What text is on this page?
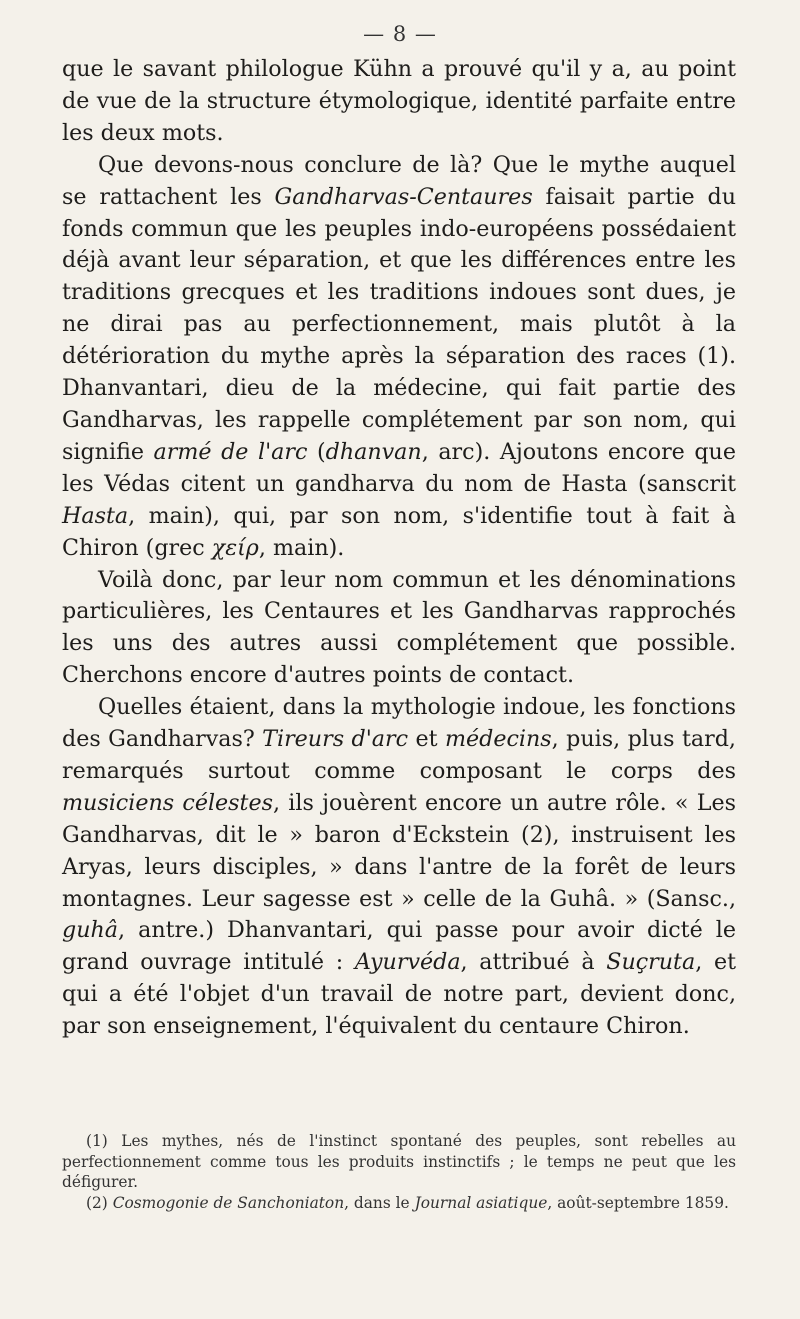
— 8 —

que le savant philologue Kühn a prouvé qu'il y a, au point de vue de la structure étymologique, identité parfaite entre les deux mots.

Que devons-nous conclure de là? Que le mythe auquel se rattachent les Gandharvas-Centaures faisait partie du fonds commun que les peuples indo-européens possédaient déjà avant leur séparation, et que les différences entre les traditions grecques et les traditions indoues sont dues, je ne dirai pas au perfectionnement, mais plutôt à la détérioration du mythe après la séparation des races (1). Dhanvantari, dieu de la médecine, qui fait partie des Gandharvas, les rappelle complétement par son nom, qui signifie armé de l'arc (dhanvan, arc). Ajoutons encore que les Védas citent un gandharva du nom de Hasta (sanscrit Hasta, main), qui, par son nom, s'identifie tout à fait à Chiron (grec χείρ, main).

Voilà donc, par leur nom commun et les dénominations particulières, les Centaures et les Gandharvas rapprochés les uns des autres aussi complétement que possible. Cherchons encore d'autres points de contact.

Quelles étaient, dans la mythologie indoue, les fonctions des Gandharvas? Tireurs d'arc et médecins, puis, plus tard, remarqués surtout comme composant le corps des musiciens célestes, ils jouèrent encore un autre rôle. « Les Gandharvas, dit le » baron d'Eckstein (2), instruisent les Aryas, leurs disciples, » dans l'antre de la forêt de leurs montagnes. Leur sagesse est » celle de la Guhâ. » (Sansc., guhâ, antre.) Dhanvantari, qui passe pour avoir dicté le grand ouvrage intitulé : Ayurvéda, attribué à Suçruta, et qui a été l'objet d'un travail de notre part, devient donc, par son enseignement, l'équivalent du centaure Chiron.

(1) Les mythes, nés de l'instinct spontané des peuples, sont rebelles au perfectionnement comme tous les produits instinctifs ; le temps ne peut que les défigurer.

(2) Cosmogonie de Sanchoniaton, dans le Journal asiatique, août-septembre 1859.
